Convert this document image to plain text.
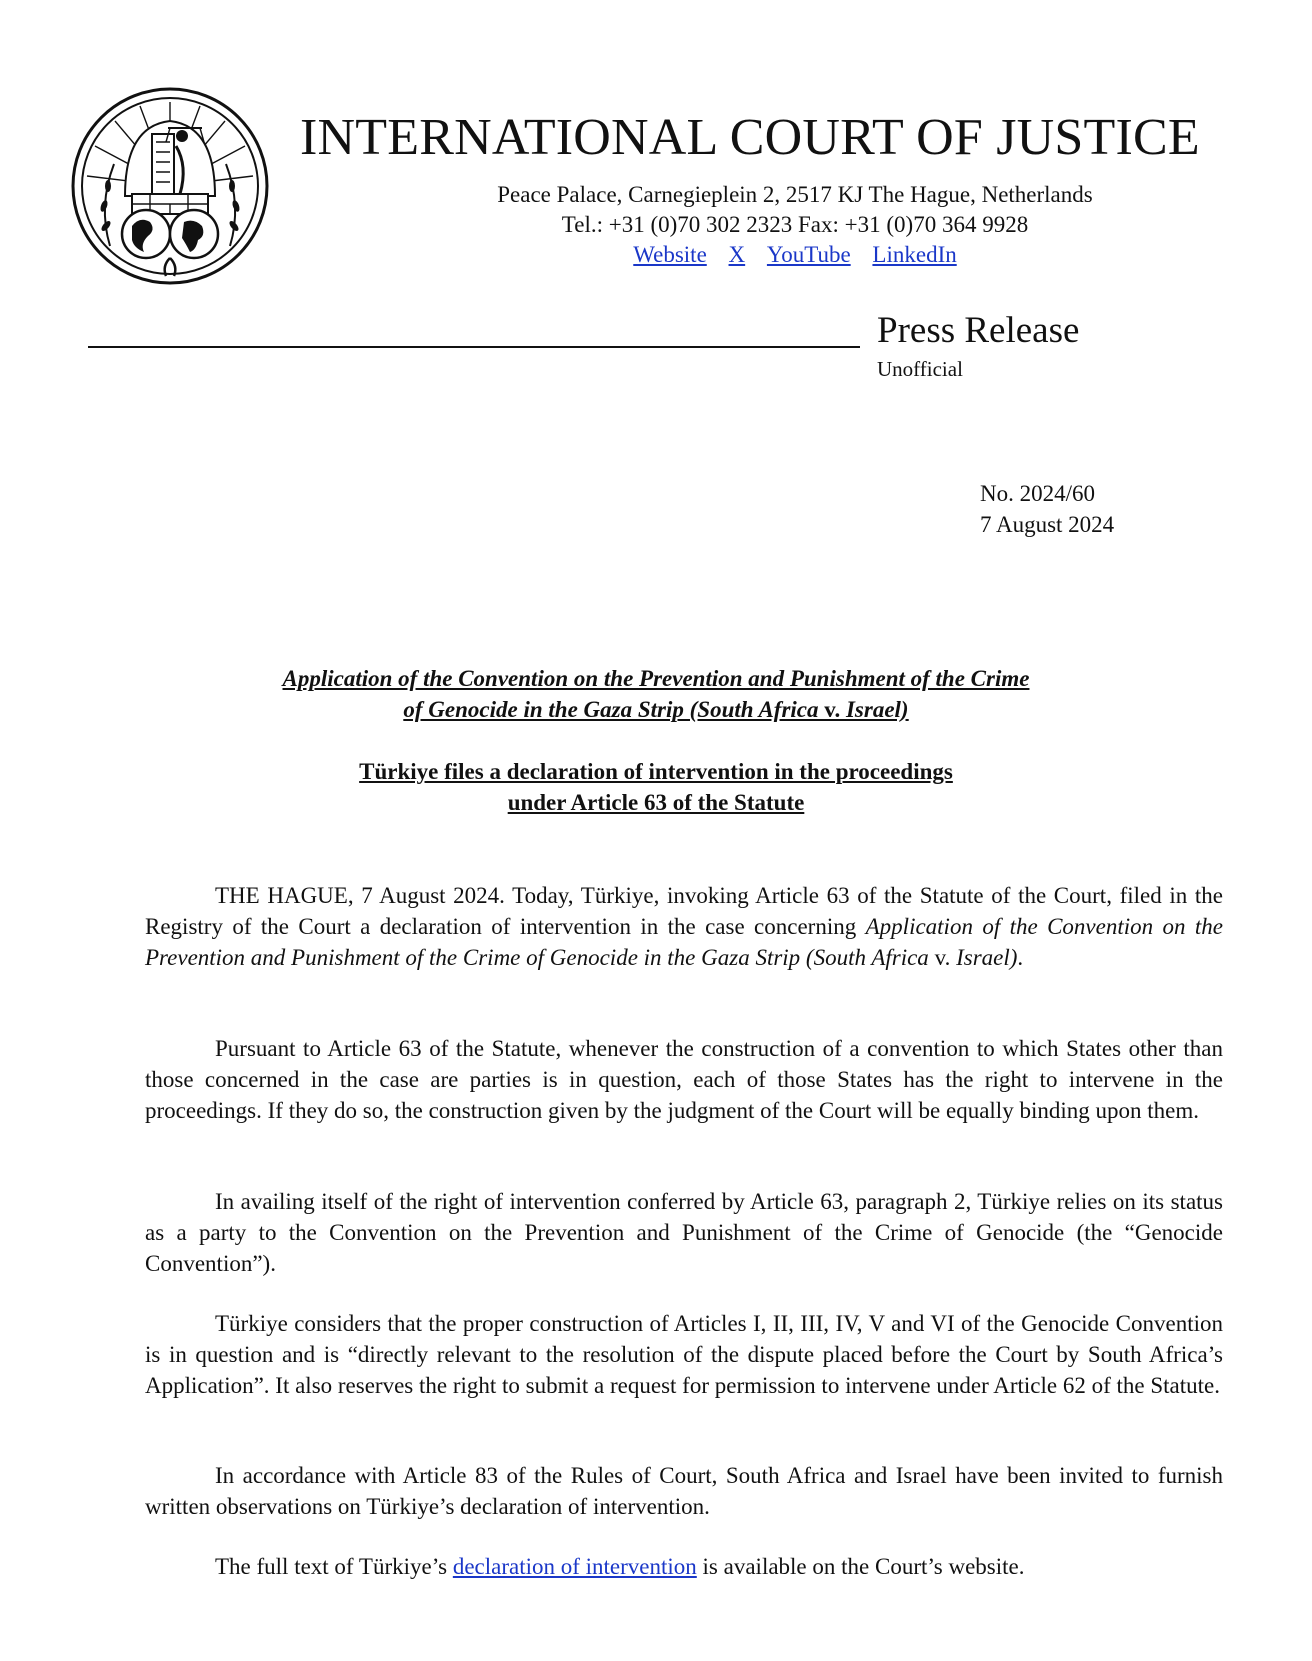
INTERNATIONAL COURT OF JUSTICE
Peace Palace, Carnegieplein 2, 2517 KJ The Hague, Netherlands
Tel.: +31 (0)70 302 2323 Fax: +31 (0)70 364 9928
Website X YouTube LinkedIn
Press Release
Unofficial
No. 2024/60
7 August 2024
Application of the Convention on the Prevention and Punishment of the Crime
of Genocide in the Gaza Strip (South Africa v. Israel)
Türkiye files a declaration of intervention in the proceedings
under Article 63 of the Statute

THE HAGUE, 7 August 2024. Today, Türkiye, invoking Article 63 of the Statute of the Court, filed in the Registry of the Court a declaration of intervention in the case concerning Application of the Convention on the Prevention and Punishment of the Crime of Genocide in the Gaza Strip (South Africa v. Israel).

Pursuant to Article 63 of the Statute, whenever the construction of a convention to which States other than those concerned in the case are parties is in question, each of those States has the right to intervene in the proceedings. If they do so, the construction given by the judgment of the Court will be equally binding upon them.

In availing itself of the right of intervention conferred by Article 63, paragraph 2, Türkiye relies on its status as a party to the Convention on the Prevention and Punishment of the Crime of Genocide (the “Genocide Convention”).

Türkiye considers that the proper construction of Articles I, II, III, IV, V and VI of the Genocide Convention is in question and is “directly relevant to the resolution of the dispute placed before the Court by South Africa’s Application”. It also reserves the right to submit a request for permission to intervene under Article 62 of the Statute.

In accordance with Article 83 of the Rules of Court, South Africa and Israel have been invited to furnish written observations on Türkiye’s declaration of intervention.

The full text of Türkiye’s declaration of intervention is available on the Court’s website.
